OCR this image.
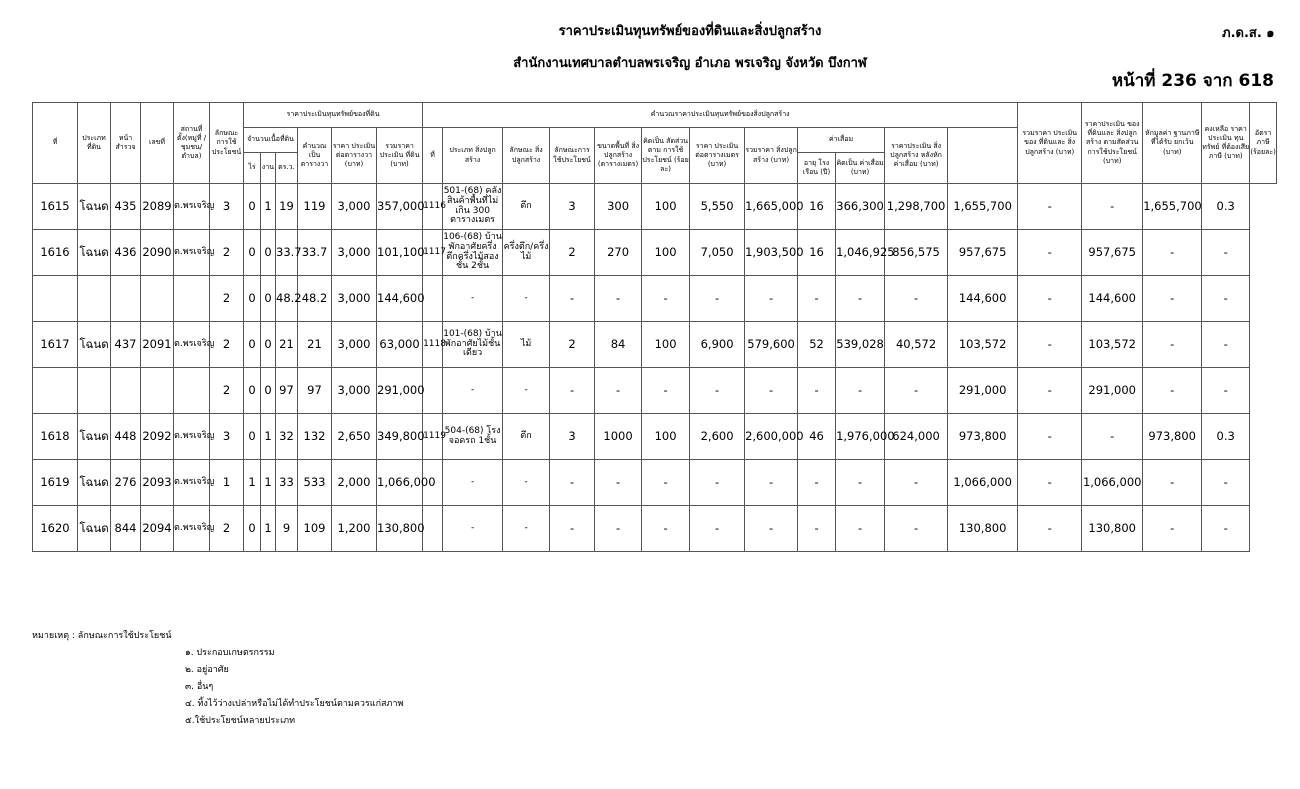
ราคาประเมินทุนทรัพย์ของที่ดินและสิ่งปลูกสร้าง	ภ.ด.ส. ๑
สำนักงานเทศบาลตำบลพรเจริญ อำเภอ พรเจริญ จังหวัด บึงกาฬ
หน้าที่ 236 จาก 618
ที่	ประเภท ที่ดิน	หน้า สำรวจ	เลขที่	สถานที่ ตั้ง(หมู่ที่ /ชุมชน/ ตำบล)	ลักษณะ การใช้ ประโยชน์	ราคาประเมินทุนทรัพย์ของที่ดิน						คำนวณราคาประเมินทุนทรัพย์ของสิ่งปลูกสร้าง												รวมราคา ประเมินของ ที่ดินและ สิ่งปลูกสร้าง (บาท)	ราคาประเมิน ของที่ดินและ สิ่งปลูกสร้าง ตามสัดส่วน การใช้ประโยชน์ (บาท)	หักมูลค่า ฐานภาษี ที่ได้รับ ยกเว้น (บาท)	คงเหลือ ราคาประเมิน ทุนทรัพย์ ที่ต้องเสียภาษี (บาท)	อัตราภาษี (ร้อยละ)
						จำนวนเนื้อที่ดิน			คำนวณ เป็น ตารางวา	ราคา ประเมิน ต่อตารางวา (บาท)	รวมราคา ประเมิน ที่ดิน (บาท)	ที่	ประเภท สิ่งปลูกสร้าง	ลักษณะ สิ่งปลูกสร้าง	ลักษณะการ ใช้ประโยชน์	ขนาดพื้นที่ สิ่งปลูกสร้าง (ตารางเมตร)	คิดเป็น สัดส่วนตาม การใช้ ประโยชน์ (ร้อยละ)	ราคา ประเมิน ต่อตารางเมตร (บาท)	รวมราคา สิ่งปลูกสร้าง (บาท)	ค่าเสื่อม		ราคาประเมิน สิ่งปลูกสร้าง หลังหัก ค่าเสื่อม (บาท)						
						ไร่	งาน	ตร.ว.												อายุ โรงเรือน (ปี)	คิดเป็น ค่าเสื่อม (บาท)							
1615	โฉนด	435	2089	ต.พรเจริญ	3	0	1	19	119	3,000	357,000	1116	501-(68) คลังสินค้าพื้นที่ไม่เกิน 300 ตารางเมตร	ตึก	3	300	100	5,550	1,665,000	16	366,300	1,298,700	1,655,700	-	-	1,655,700	0.3	
1616	โฉนด	436	2090	ต.พรเจริญ	2	0	0	33.7	33.7	3,000	101,100	1117	106-(68) บ้านพักอาศัยครึ่งตึกครึ่งไม้สองชั้น 2ชั้น	ครึ่งตึก/ครึ่งไม้	2	270	100	7,050	1,903,500	16	1,046,925	856,575	957,675	-	957,675	-	-	
					2	0	0	48.2	48.2	3,000	144,600		-	-	-	-	-	-	-	-	-	-	144,600	-	144,600	-	-	
1617	โฉนด	437	2091	ต.พรเจริญ	2	0	0	21	21	3,000	63,000	1118	101-(68) บ้านพักอาศัยไม้ชั้นเดียว	ไม้	2	84	100	6,900	579,600	52	539,028	40,572	103,572	-	103,572	-	-	
					2	0	0	97	97	3,000	291,000		-	-	-	-	-	-	-	-	-	-	291,000	-	291,000	-	-	
1618	โฉนด	448	2092	ต.พรเจริญ	3	0	1	32	132	2,650	349,800	1119	504-(68) โรงจอดรถ 1ชั้น	ตึก	3	1000	100	2,600	2,600,000	46	1,976,000	624,000	973,800	-	-	973,800	0.3	
1619	โฉนด	276	2093	ต.พรเจริญ	1	1	1	33	533	2,000	1,066,000		-	-	-	-	-	-	-	-	-	-	1,066,000	-	1,066,000	-	-	
1620	โฉนด	844	2094	ต.พรเจริญ	2	0	1	9	109	1,200	130,800		-	-	-	-	-	-	-	-	-	-	130,800	-	130,800	-	-	
หมายเหตุ : ลักษณะการใช้ประโยชน์
๑. ประกอบเกษตรกรรม
๒. อยู่อาศัย
๓. อื่นๆ
๔. ทิ้งไว้ว่างเปล่าหรือไม่ได้ทำประโยชน์ตามควรแก่สภาพ
๕.ใช้ประโยชน์หลายประเภท
